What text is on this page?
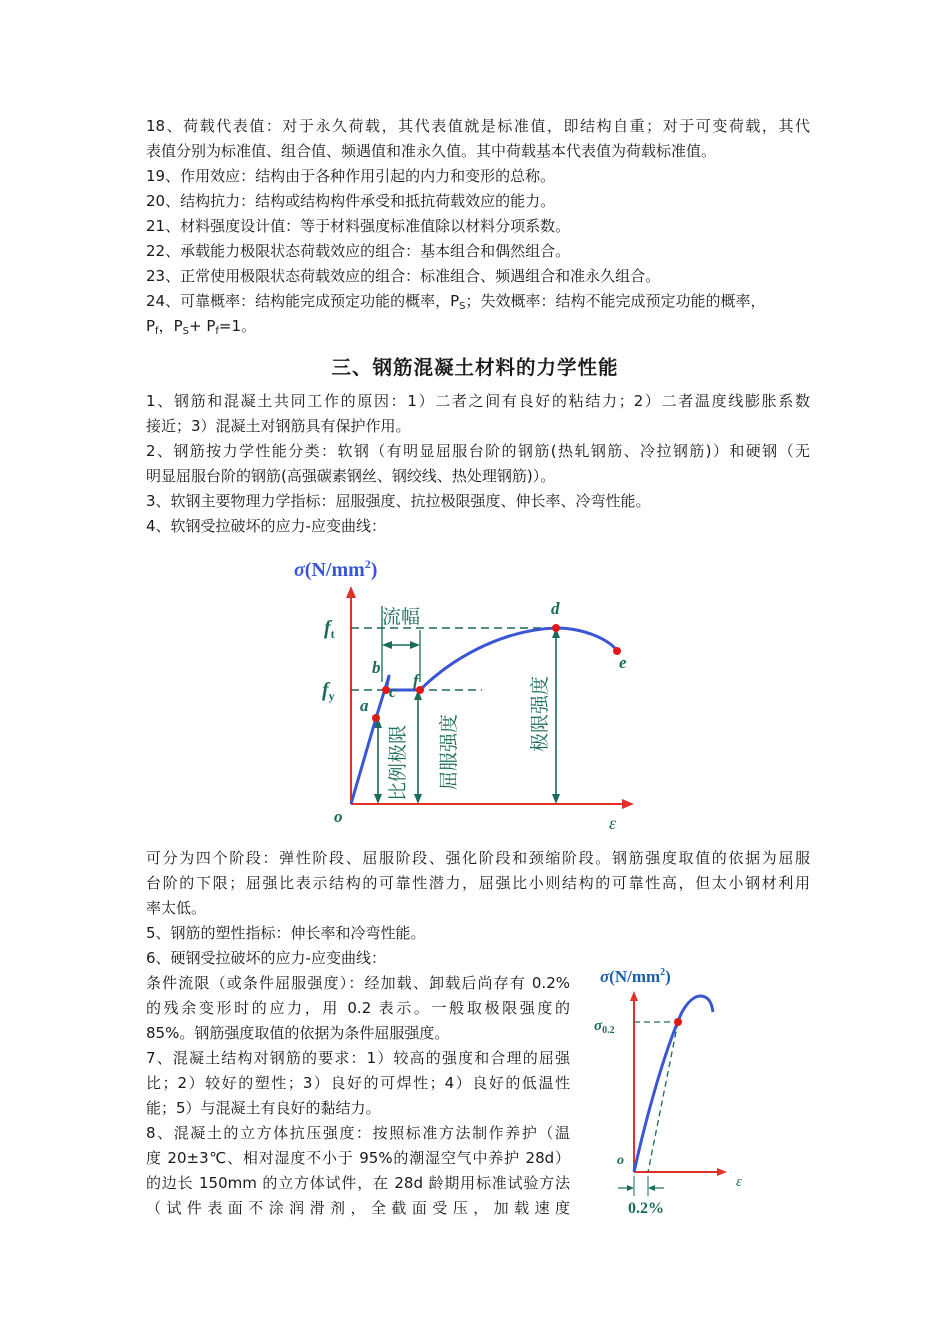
18、荷载代表值：对于永久荷载，其代表值就是标准值，即结构自重；对于可变荷载，其代
表值分别为标准值、组合值、频遇值和准永久值。其中荷载基本代表值为荷载标准值。
19、作用效应：结构由于各种作用引起的内力和变形的总称。
20、结构抗力：结构或结构构件承受和抵抗荷载效应的能力。
21、材料强度设计值：等于材料强度标准值除以材料分项系数。
22、承载能力极限状态荷载效应的组合：基本组合和偶然组合。
23、正常使用极限状态荷载效应的组合：标准组合、频遇组合和准永久组合。
24、可靠概率：结构能完成预定功能的概率，$P_S$；失效概率：结构不能完成预定功能的概率，
$P_f$，$P_S+ P_f=1$。
三、钢筋混凝土材料的力学性能
1、钢筋和混凝土共同工作的原因：1）二者之间有良好的粘结力；2）二者温度线膨胀系数
接近；3）混凝土对钢筋具有保护作用。
2、钢筋按力学性能分类：软钢（有明显屈服台阶的钢筋(热轧钢筋、冷拉钢筋)）和硬钢（无
明显屈服台阶的钢筋(高强碳素钢丝、钢绞线、热处理钢筋)）。
3、软钢主要物理力学指标：屈服强度、抗拉极限强度、伸长率、冷弯性能。
4、软钢受拉破坏的应力-应变曲线：
$\sigma(N/mm^2)$
a
b
c
f
d
e
$f_t$
$f_y$
o	ε
流幅
比例极限 屈服强度	极限强度
可分为四个阶段：弹性阶段、屈服阶段、强化阶段和颈缩阶段。钢筋强度取值的依据为屈服
台阶的下限；屈强比表示结构的可靠性潜力，屈强比小则结构的可靠性高，但太小钢材利用
率太低。
5、钢筋的塑性指标：伸长率和冷弯性能。
6、硬钢受拉破坏的应力-应变曲线：
条件流限（或条件屈服强度）：经加载、卸载后尚存有 0.2%
的残余变形时的应力，用 0.2 表示。一般取极限强度的
85%。钢筋强度取值的依据为条件屈服强度。
7、混凝土结构对钢筋的要求：1）较高的强度和合理的屈强
比；2）较好的塑性；3）良好的可焊性；4）良好的低温性
能；5）与混凝土有良好的黏结力。
8、混凝土的立方体抗压强度：按照标准方法制作养护（温
度 20±3℃、相对湿度不小于 95%的潮湿空气中养护 28d）
的边长 150mm 的立方体试件，在 28d 龄期用标准试验方法
（试件表面不涂润滑剂，全截面受压，加载速度
$\sigma(N/mm^2)$
$\sigma_{0.2}$
o
ε
0.2%
